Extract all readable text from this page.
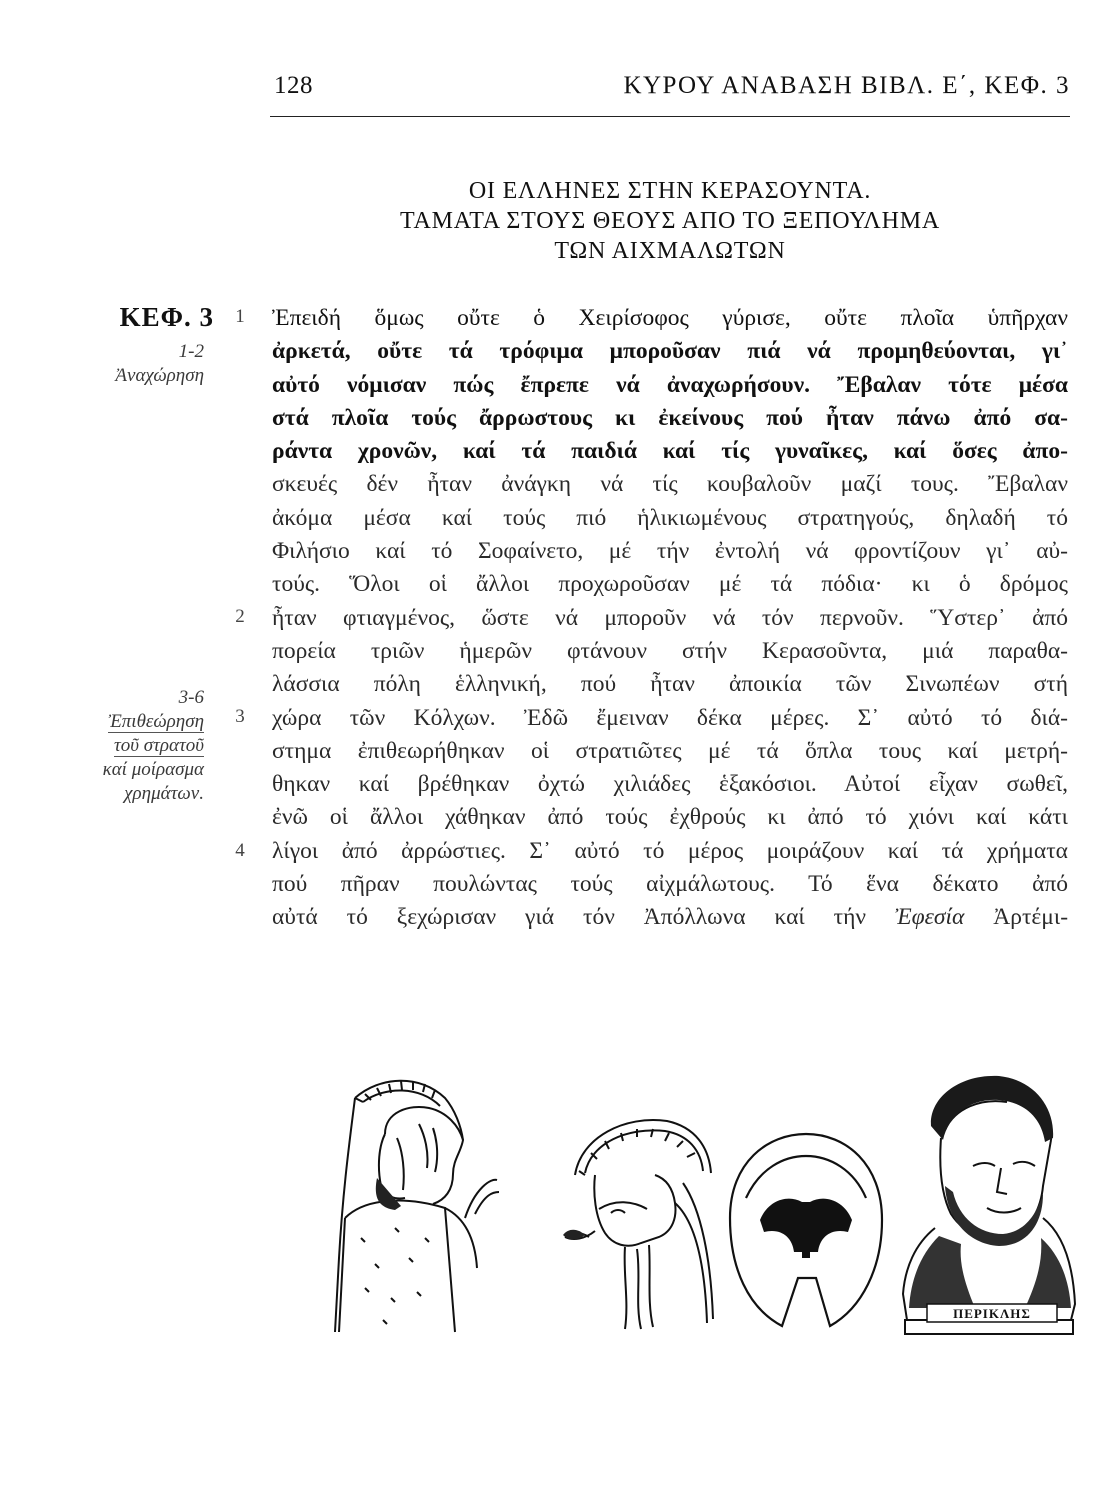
128	ΚΥΡΟΥ ΑΝΑΒΑΣΗ ΒΙΒΛ. Ε΄, ΚΕΦ. 3
ΟΙ ΕΛΛΗΝΕΣ ΣΤΗΝ ΚΕΡΑΣΟΥΝΤΑ.
ΤΑΜΑΤΑ ΣΤΟΥΣ ΘΕΟΥΣ ΑΠΟ ΤΟ ΞΕΠΟΥΛΗΜΑ
ΤΩΝ ΑΙΧΜΑΛΩΤΩΝ
ΚΕΦ. 3
1-2
Ἀναχώρηση
3-6
Ἐπιθεώρηση
τοῦ στρατοῦ
καί μοίρασμα
χρημάτων.
1
2
3
4
Ἐπειδή ὅμως οὔτε ὁ Χειρίσοφος γύρισε, οὔτε πλοῖα ὑπῆρχαν
ἀρκετά, οὔτε τά τρόφιμα μποροῦσαν πιά νά προμηθεύονται, γι᾽
αὐτό νόμισαν πώς ἔπρεπε νά ἀναχωρήσουν. Ἔβαλαν τότε μέσα
στά πλοῖα τούς ἄρρωστους κι ἐκείνους πού ἦταν πάνω ἀπό σα-
ράντα χρονῶν, καί τά παιδιά καί τίς γυναῖκες, καί ὅσες ἀπο-
σκευές δέν ἦταν ἀνάγκη νά τίς κουβαλοῦν μαζί τους. Ἔβαλαν
ἀκόμα μέσα καί τούς πιό ἡλικιωμένους στρατηγούς, δηλαδή τό
Φιλήσιο καί τό Σοφαίνετο, μέ τήν ἐντολή νά φροντίζουν γι᾽ αὐ-
τούς. Ὅλοι οἱ ἄλλοι προχωροῦσαν μέ τά πόδια· κι ὁ δρόμος
ἦταν φτιαγμένος, ὥστε νά μποροῦν νά τόν περνοῦν. Ὕστερ᾽ ἀπό
πορεία τριῶν ἡμερῶν φτάνουν στήν Κερασοῦντα, μιά παραθα-
λάσσια πόλη ἑλληνική, πού ἦταν ἀποικία τῶν Σινωπέων στή
χώρα τῶν Κόλχων. Ἐδῶ ἔμειναν δέκα μέρες. Σ᾽ αὐτό τό διά-
στημα ἐπιθεωρήθηκαν οἱ στρατιῶτες μέ τά ὅπλα τους καί μετρή-
θηκαν καί βρέθηκαν ὀχτώ χιλιάδες ἑξακόσιοι. Αὐτοί εἶχαν σωθεῖ,
ἐνῶ οἱ ἄλλοι χάθηκαν ἀπό τούς ἐχθρούς κι ἀπό τό χιόνι καί κάτι
λίγοι ἀπό ἀρρώστιες. Σ᾽ αὐτό τό μέρος μοιράζουν καί τά χρήματα
πού πῆραν πουλώντας τούς αἰχμάλωτους. Τό ἕνα δέκατο ἀπό
αὐτά τό ξεχώρισαν γιά τόν Ἀπόλλωνα καί τήν Ἐφεσία Ἀρτέμι-
ΠΕΡΙΚΛΗΣ
